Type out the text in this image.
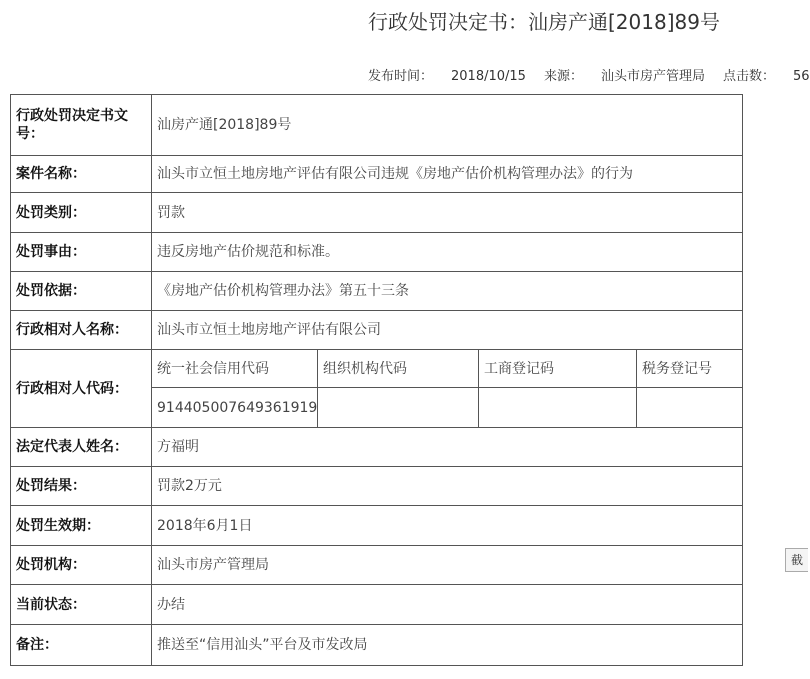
行政处罚决定书：汕房产通[2018]89号
发布时间： 2018/10/15 来源： 汕头市房产管理局 点击数： 56
行政处罚决定书文号：	汕房产通[2018]89号			
案件名称：	汕头市立恒土地房地产评估有限公司违规《房地产估价机构管理办法》的行为			
处罚类别：	罚款			
处罚事由：	违反房地产估价规范和标准。			
处罚依据：	《房地产估价机构管理办法》第五十三条			
行政相对人名称：	汕头市立恒土地房地产评估有限公司			
行政相对人代码：	统一社会信用代码	组织机构代码	工商登记码	税务登记号
	914405007649361919			
法定代表人姓名：	方福明			
处罚结果：	罚款2万元			
处罚生效期：	2018年6月1日			
处罚机构：	汕头市房产管理局			
当前状态：	办结			
备注：	推送至“信用汕头”平台及市发改局			
截
